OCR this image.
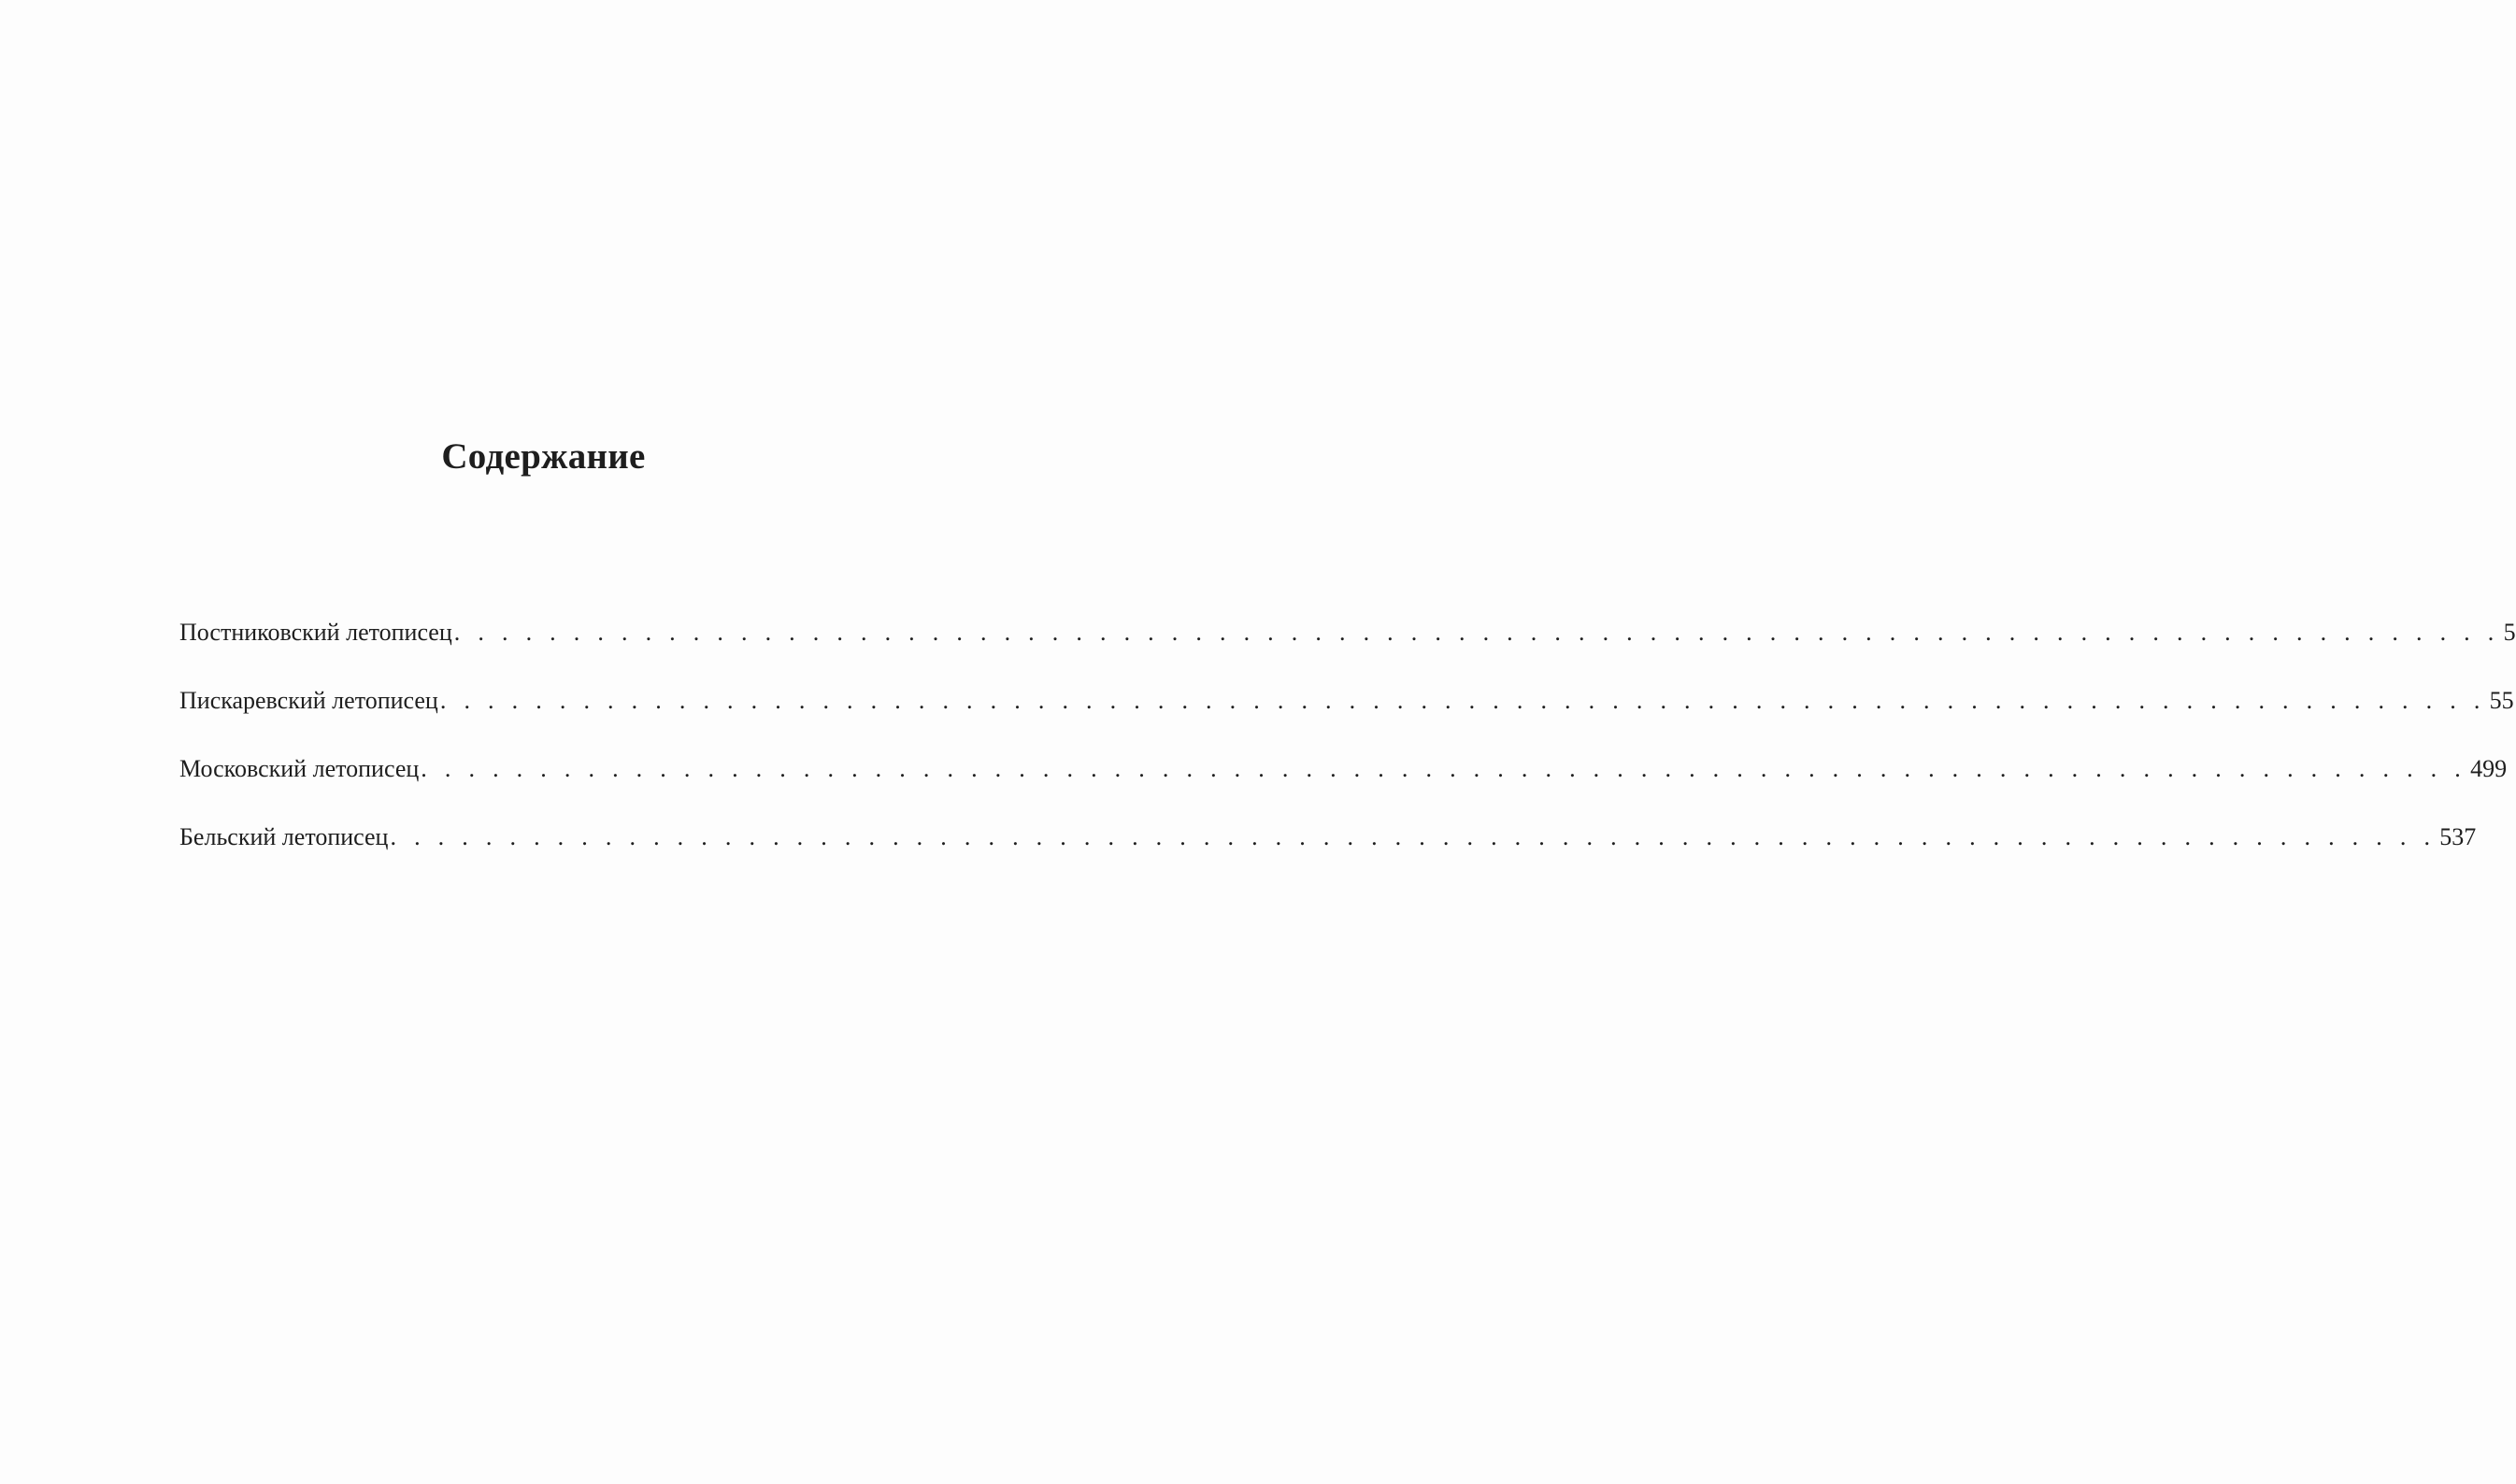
Содержание
Постниковский летописец . . . . . . . . . . . . . . . . . . . . . . . . . . . . . . . . . . . . . . . . . . . . . . . . . . . . . . . . . . . . . . . . . . . . . . . . . . . . . . . . . . . . . . 5
Пискаревский летописец . . . . . . . . . . . . . . . . . . . . . . . . . . . . . . . . . . . . . . . . . . . . . . . . . . . . . . . . . . . . . . . . . . . . . . . . . . . . . . . . . . . . . . 55
Московский летописец . . . . . . . . . . . . . . . . . . . . . . . . . . . . . . . . . . . . . . . . . . . . . . . . . . . . . . . . . . . . . . . . . . . . . . . . . . . . . . . . . . . . . . 499
Бельский летописец . . . . . . . . . . . . . . . . . . . . . . . . . . . . . . . . . . . . . . . . . . . . . . . . . . . . . . . . . . . . . . . . . . . . . . . . . . . . . . . . . . . . . . 537
